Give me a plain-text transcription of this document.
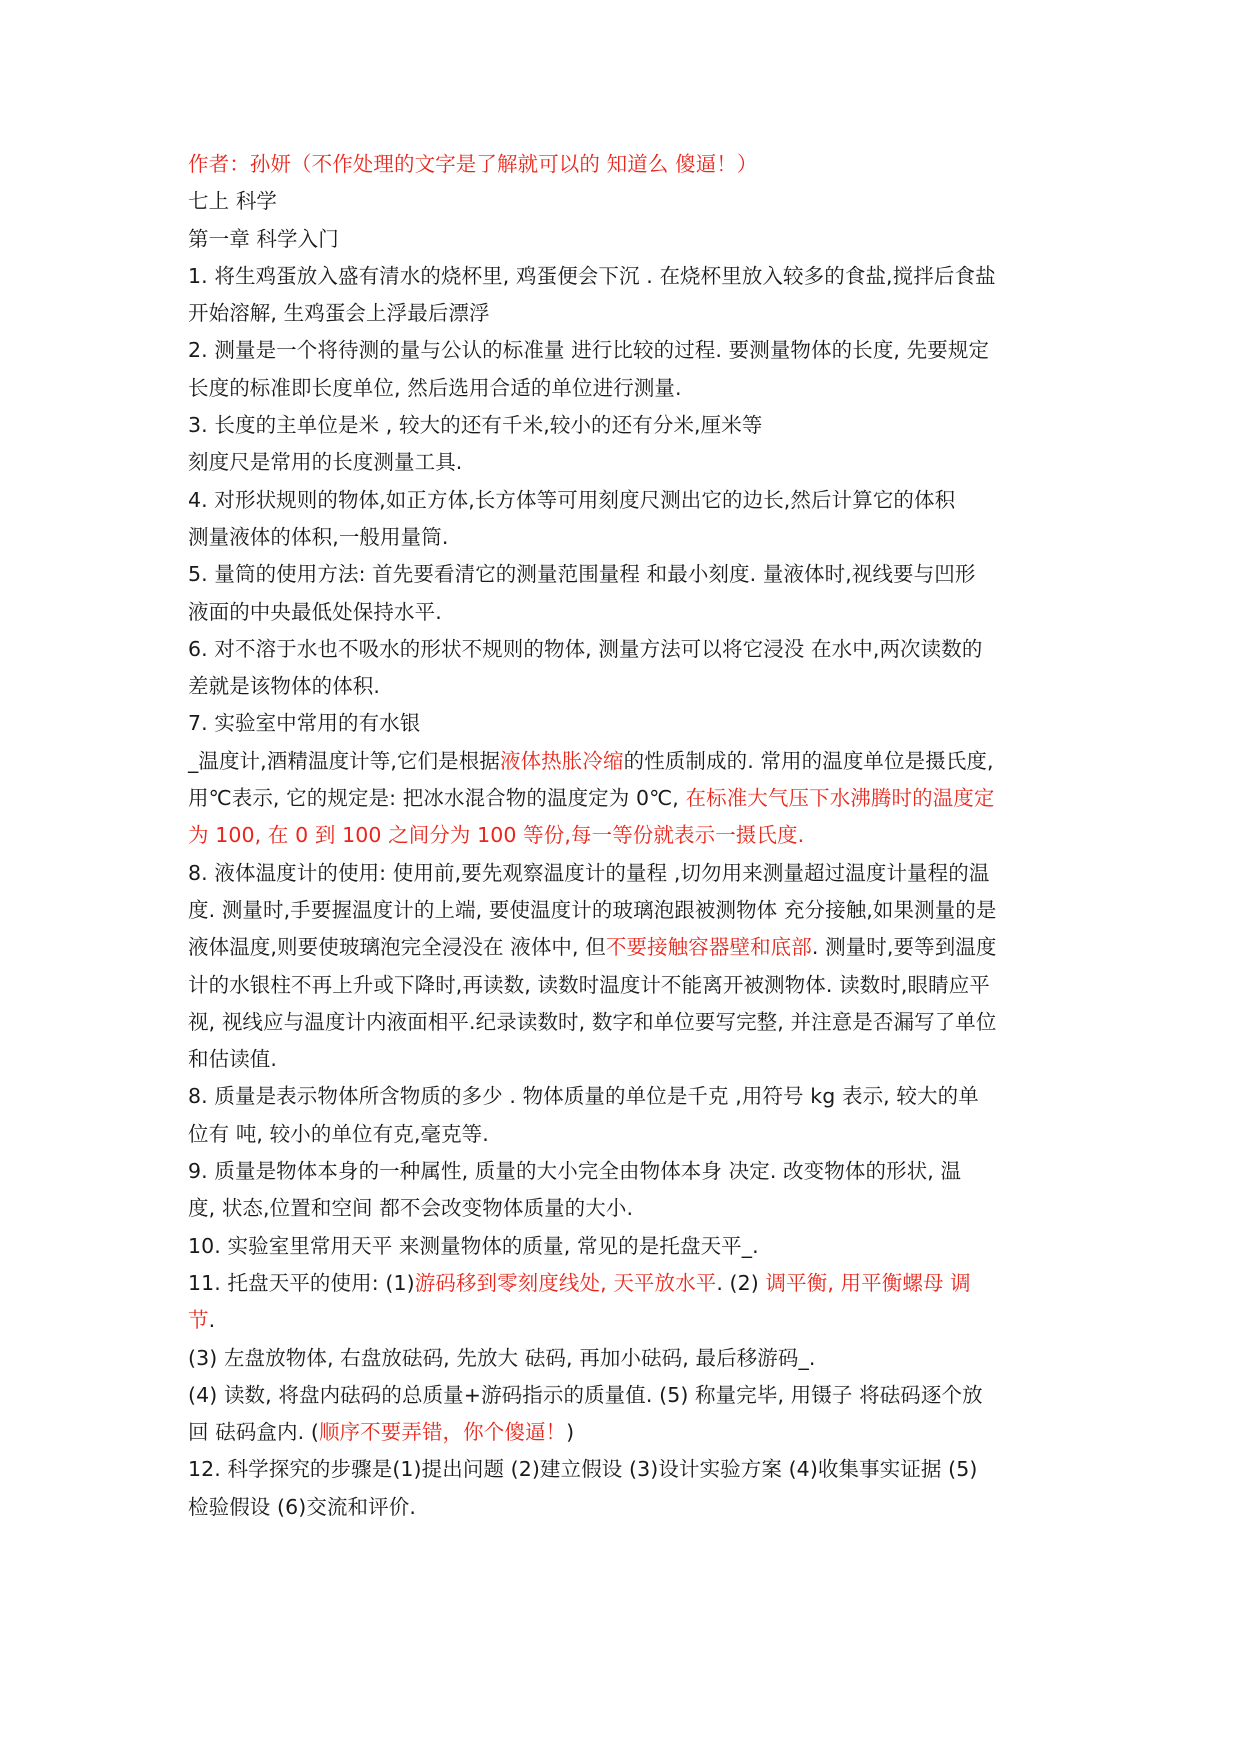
作者：孙妍（不作处理的文字是了解就可以的 知道么 傻逼！）
七上 科学
第一章 科学入门
1. 将生鸡蛋放入盛有清水的烧杯里, 鸡蛋便会下沉 . 在烧杯里放入较多的食盐,搅拌后食盐
开始溶解, 生鸡蛋会上浮最后漂浮
2. 测量是一个将待测的量与公认的标准量 进行比较的过程. 要测量物体的长度, 先要规定
长度的标准即长度单位, 然后选用合适的单位进行测量.
3. 长度的主单位是米 , 较大的还有千米,较小的还有分米,厘米等
刻度尺是常用的长度测量工具.
4. 对形状规则的物体,如正方体,长方体等可用刻度尺测出它的边长,然后计算它的体积
测量液体的体积,一般用量筒.
5. 量筒的使用方法: 首先要看清它的测量范围量程 和最小刻度. 量液体时,视线要与凹形
液面的中央最低处保持水平.
6. 对不溶于水也不吸水的形状不规则的物体, 测量方法可以将它浸没 在水中,两次读数的
差就是该物体的体积.
7. 实验室中常用的有水银
_温度计,酒精温度计等,它们是根据液体热胀冷缩的性质制成的. 常用的温度单位是摄氏度,
用℃表示, 它的规定是: 把冰水混合物的温度定为 0℃, 在标准大气压下水沸腾时的温度定
为 100, 在 0 到 100 之间分为 100 等份,每一等份就表示一摄氏度.
8. 液体温度计的使用: 使用前,要先观察温度计的量程 ,切勿用来测量超过温度计量程的温
度. 测量时,手要握温度计的上端, 要使温度计的玻璃泡跟被测物体 充分接触,如果测量的是
液体温度,则要使玻璃泡完全浸没在 液体中, 但不要接触容器壁和底部. 测量时,要等到温度
计的水银柱不再上升或下降时,再读数, 读数时温度计不能离开被测物体. 读数时,眼睛应平
视, 视线应与温度计内液面相平.纪录读数时, 数字和单位要写完整, 并注意是否漏写了单位
和估读值.
8. 质量是表示物体所含物质的多少 . 物体质量的单位是千克 ,用符号 kg 表示, 较大的单
位有 吨, 较小的单位有克,毫克等.
9. 质量是物体本身的一种属性, 质量的大小完全由物体本身 决定. 改变物体的形状, 温
度, 状态,位置和空间 都不会改变物体质量的大小.
10. 实验室里常用天平 来测量物体的质量, 常见的是托盘天平_.
11. 托盘天平的使用: (1)游码移到零刻度线处, 天平放水平. (2) 调平衡, 用平衡螺母 调
节.
(3) 左盘放物体, 右盘放砝码, 先放大 砝码, 再加小砝码, 最后移游码_.
(4) 读数, 将盘内砝码的总质量+游码指示的质量值. (5) 称量完毕, 用镊子 将砝码逐个放
回 砝码盒内. (顺序不要弄错，你个傻逼！)
12. 科学探究的步骤是(1)提出问题 (2)建立假设 (3)设计实验方案 (4)收集事实证据 (5)
检验假设 (6)交流和评价.
